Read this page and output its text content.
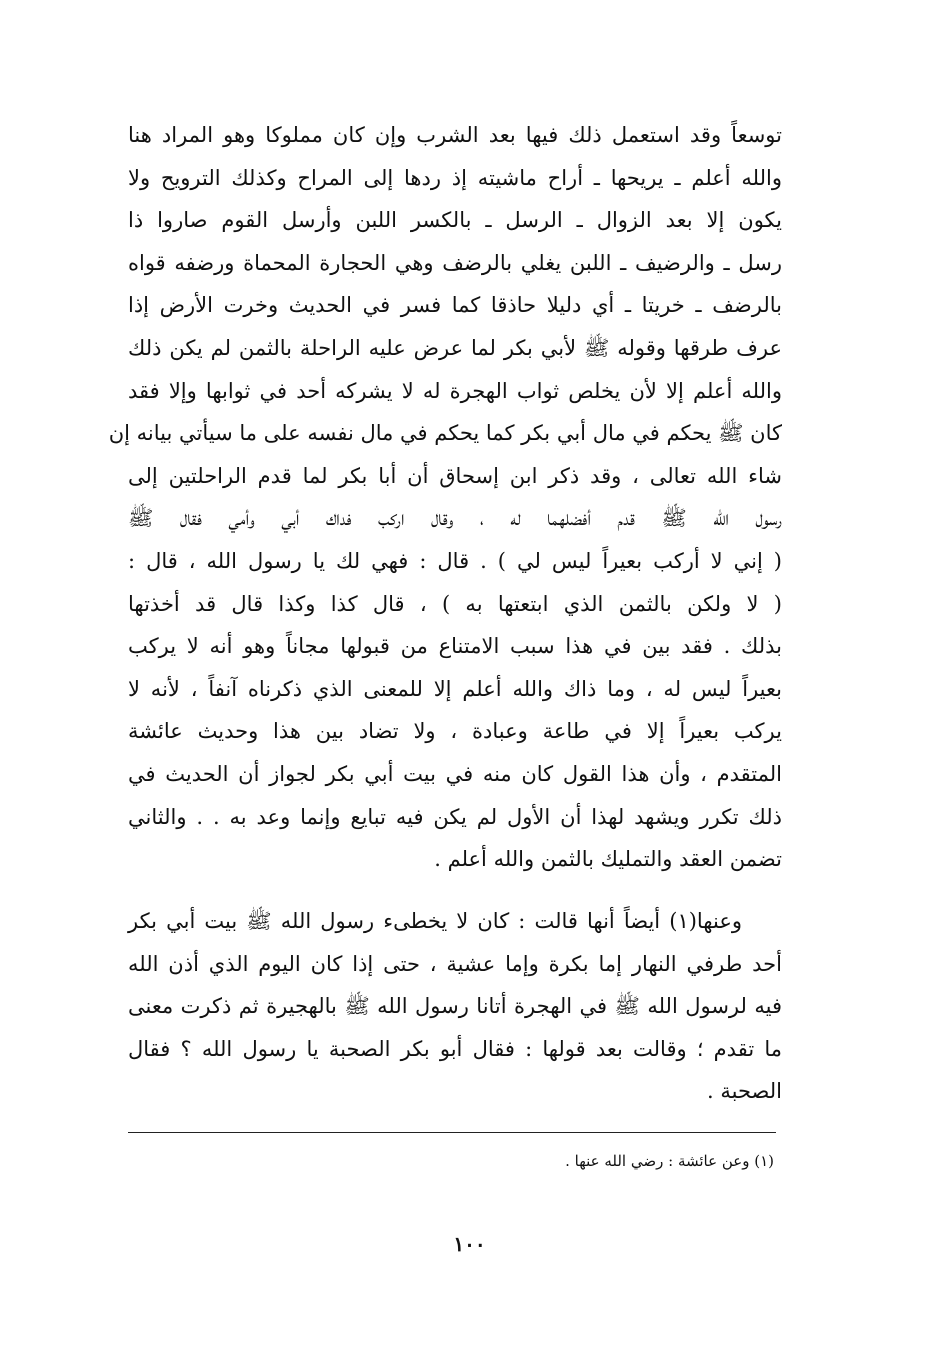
توسعاً وقد استعمل ذلك فيها بعد الشرب وإن كان مملوكا وهو المراد هنا
والله أعلم ـ يريحها ـ أراح ماشيته إذ ردها إلى المراح وكذلك الترويح ولا
يكون إلا بعد الزوال ـ الرسل ـ بالكسر اللبن وأرسل القوم صاروا ذا
رسل ـ والرضيف ـ اللبن يغلي بالرضف وهي الحجارة المحماة ورضفه قواه
بالرضف ـ خريتا ـ أي دليلا حاذقا كما فسر في الحديث وخرت الأرض إذا
عرف طرقها وقوله ﷺ لأبي بكر لما عرض عليه الراحلة بالثمن لم يكن ذلك
والله أعلم إلا لأن يخلص ثواب الهجرة له لا يشركه أحد في ثوابها وإلا فقد
كان ﷺ يحكم في مال أبي بكر كما يحكم في مال نفسه على ما سيأتي بيانه إن
شاء الله تعالى ، وقد ذكر ابن إسحاق أن أبا بكر لما قدم الراحلتين إلى
رسول الله ﷺ قدم أفضلهما له ، وقال اركب فداك أبي وأمي فقال ﷺ
( إني لا أركب بعيراً ليس لي ) . قال : فهي لك يا رسول الله ، قال :
( لا ولكن بالثمن الذي ابتعتها به ) ، قال كذا وكذا قال قد أخذتها
بذلك . فقد بين في هذا سبب الامتناع من قبولها مجاناً وهو أنه لا يركب
بعيراً ليس له ، وما ذاك والله أعلم إلا للمعنى الذي ذكرناه آنفاً ، لأنه لا
يركب بعيراً إلا في طاعة وعبادة ، ولا تضاد بين هذا وحديث عائشة
المتقدم ، وأن هذا القول كان منه في بيت أبي بكر لجواز أن الحديث في
ذلك تكرر ويشهد لهذا أن الأول لم يكن فيه تبايع وإنما وعد به . . والثاني
تضمن العقد والتمليك بالثمن والله أعلم .
وعنها(١) أيضاً أنها قالت : كان لا يخطىء رسول الله ﷺ بيت أبي بكر
أحد طرفي النهار إما بكرة وإما عشية ، حتى إذا كان اليوم الذي أذن الله
فيه لرسول الله ﷺ في الهجرة أتانا رسول الله ﷺ بالهجيرة ثم ذكرت معنى
ما تقدم ؛ وقالت بعد قولها : فقال أبو بكر الصحبة يا رسول الله ؟ فقال
الصحبة .
(١) وعن عائشة : رضي الله عنها .
١٠٠
